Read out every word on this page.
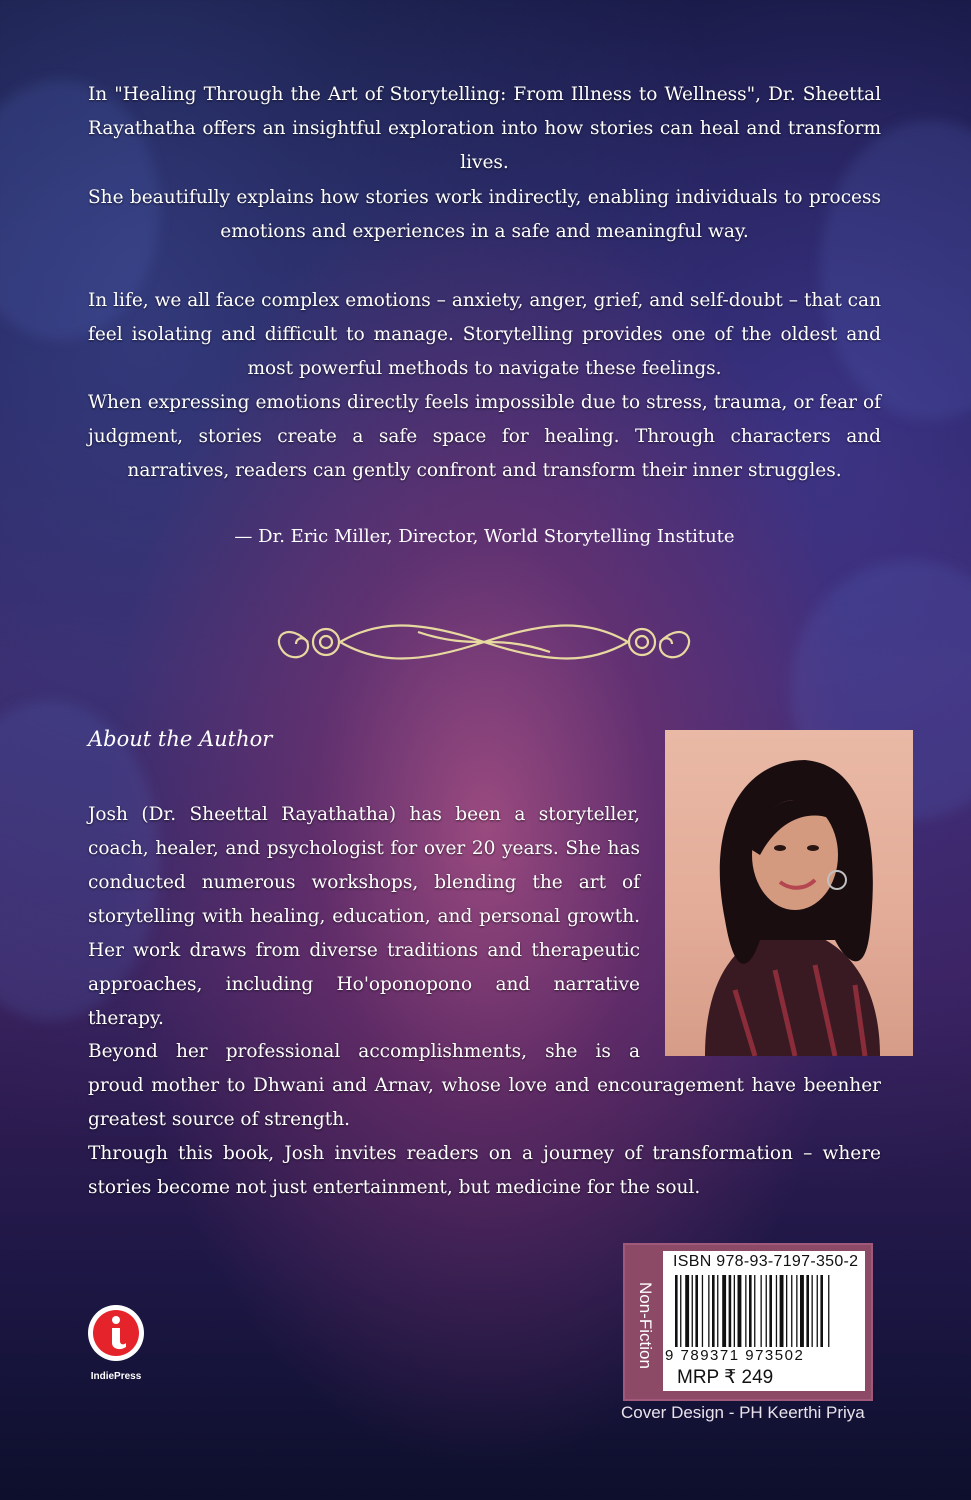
In "Healing Through the Art of Storytelling: From Illness to Wellness", Dr. Sheettal Rayathatha offers an insightful exploration into how stories can heal and transform lives.
She beautifully explains how stories work indirectly, enabling individuals to process emotions and experiences in a safe and meaningful way.
In life, we all face complex emotions – anxiety, anger, grief, and self-doubt – that can feel isolating and difficult to manage. Storytelling provides one of the oldest and most powerful methods to navigate these feelings.
When expressing emotions directly feels impossible due to stress, trauma, or fear of judgment, stories create a safe space for healing. Through characters and narratives, readers can gently confront and transform their inner struggles.
— Dr. Eric Miller, Director, World Storytelling Institute
About the Author
Josh (Dr. Sheettal Rayathatha) has been a storyteller, coach, healer, and psychologist for over 20 years. She has conducted numerous workshops, blending the art of storytelling with healing, education, and personal growth. Her work draws from diverse traditions and therapeutic approaches, including Ho'oponopono and narrative therapy.
Beyond her professional accomplishments, she is a
proud mother to Dhwani and Arnav, whose love and encouragement have beenher greatest source of strength.
Through this book, Josh invites readers on a journey of transformation – where stories become not just entertainment, but medicine for the soul.
IndiePress
Non-Fiction
ISBN 978-93-7197-350-2
9 789371 973502
MRP ₹ 249
Cover Design - PH Keerthi Priya
